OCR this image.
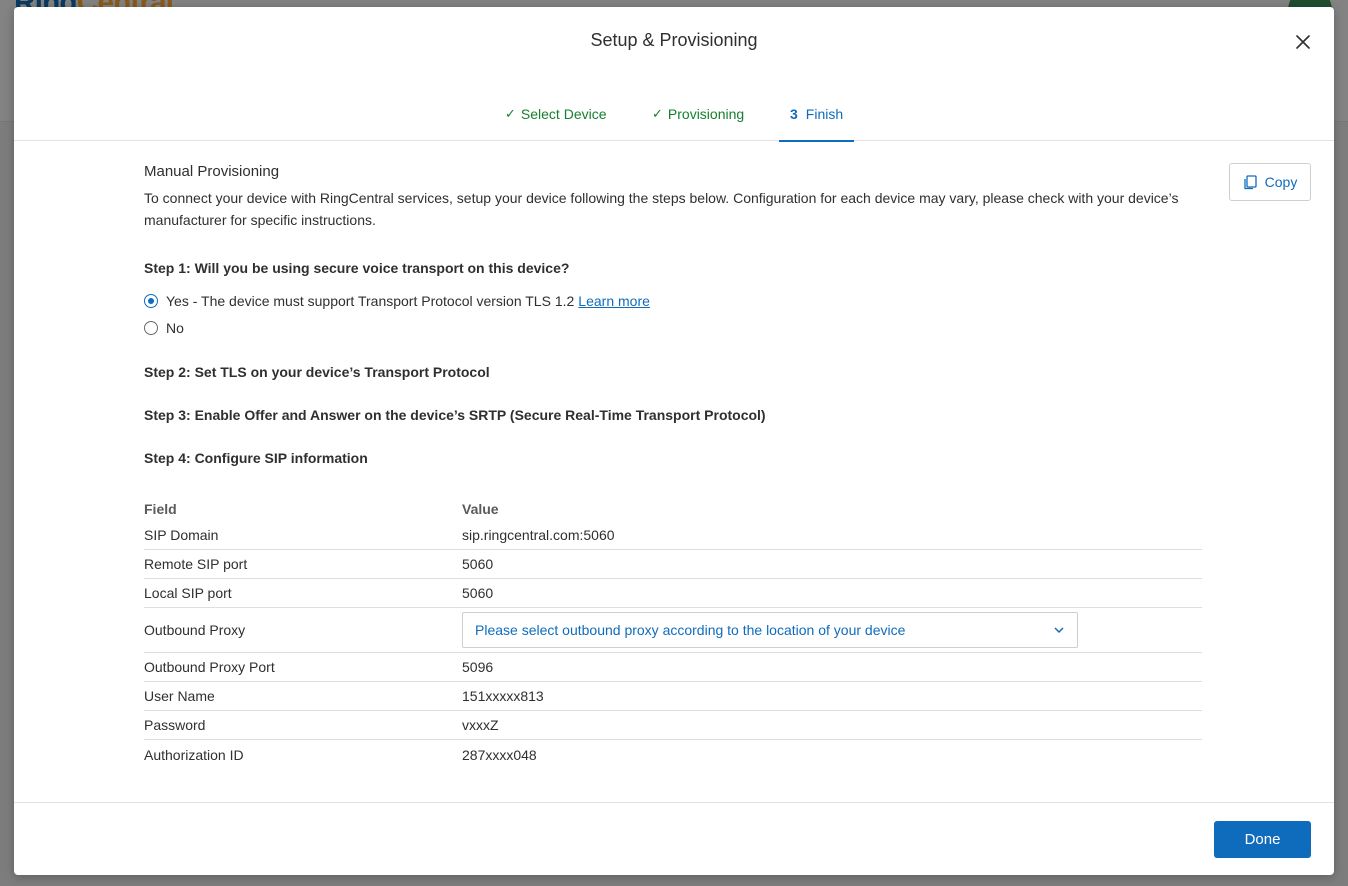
Setup & Provisioning
✓ Select Device	✓ Provisioning	3 Finish
Copy
Manual Provisioning
To connect your device with RingCentral services, setup your device following the steps below. Configuration for each device may vary, please check with your device’s manufacturer for specific instructions.
Step 1: Will you be using secure voice transport on this device?
Yes - The device must support Transport Protocol version TLS 1.2 Learn more
No
Step 2: Set TLS on your device’s Transport Protocol
Step 3: Enable Offer and Answer on the device’s SRTP (Secure Real-Time Transport Protocol)
Step 4: Configure SIP information
Field	Value
SIP Domain	sip.ringcentral.com:5060
Remote SIP port	5060
Local SIP port	5060
Outbound Proxy	Please select outbound proxy according to the location of your device
Outbound Proxy Port	5096
User Name	151xxxxx813
Password	vxxxZ
Authorization ID	287xxxx048
Done
